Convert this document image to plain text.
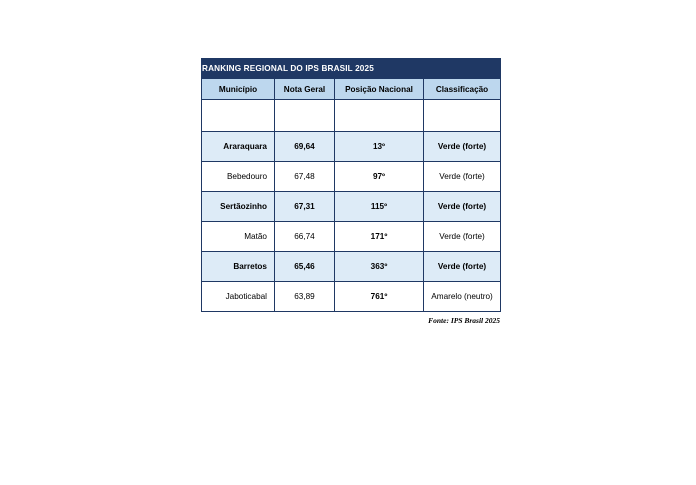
RANKING REGIONAL DO IPS BRASIL 2025			
Município	Nota Geral	Posição Nacional	Classificação

Araraquara	69,64	13º	Verde (forte)
Bebedouro	67,48	97º	Verde (forte)
Sertãozinho	67,31	115º	Verde (forte)
Matão	66,74	171º	Verde (forte)
Barretos	65,46	363º	Verde (forte)
Jaboticabal	63,89	761º	Amarelo (neutro)
Fonte: IPS Brasil 2025
